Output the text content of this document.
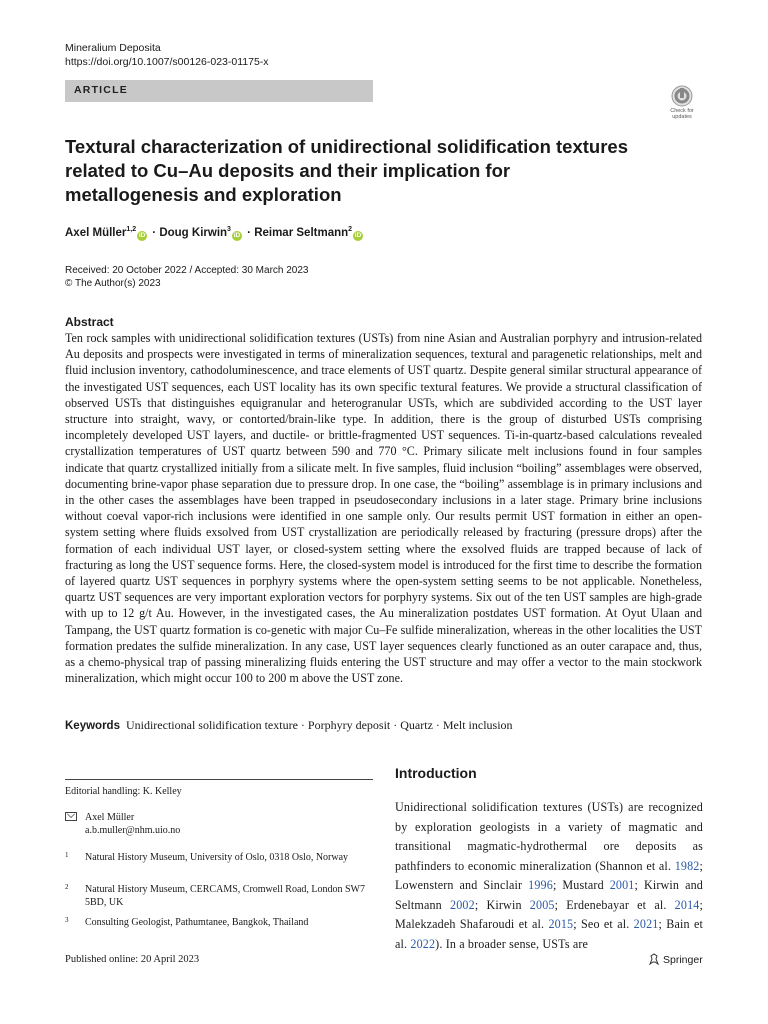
Mineralium Deposita
https://doi.org/10.1007/s00126-023-01175-x
ARTICLE
Check for updates
Textural characterization of unidirectional solidification textures related to Cu–Au deposits and their implication for metallogenesis and exploration
Axel Müller$^{1,2}$iD · Doug Kirwin$^3$iD · Reimar Seltmann$^2$iD
Received: 20 October 2022 / Accepted: 30 March 2023
© The Author(s) 2023
Abstract
Ten rock samples with unidirectional solidification textures (USTs) from nine Asian and Australian porphyry and intrusion-related Au deposits and prospects were investigated in terms of mineralization sequences, textural and paragenetic relationships, melt and fluid inclusion inventory, cathodoluminescence, and trace elements of UST quartz. Despite general similar structural appearance of the investigated UST sequences, each UST locality has its own specific textural features. We provide a structural classification of observed USTs that distinguishes equigranular and heterogranular USTs, which are subdivided according to the UST layer structure into straight, wavy, or contorted/brain-like type. In addition, there is the group of disturbed USTs comprising incompletely developed UST layers, and ductile- or brittle-fragmented UST sequences. Ti-in-quartz-based calculations revealed crystallization temperatures of UST quartz between 590 and 770 °C. Primary silicate melt inclusions found in four samples indicate that quartz crystallized initially from a silicate melt. In five samples, fluid inclusion “boiling” assemblages were observed, documenting brine-vapor phase separation due to pressure drop. In one case, the “boiling” assemblage is in primary inclusions and in the other cases the assemblages have been trapped in pseudosecondary inclusions in a later stage. Primary brine inclusions without coeval vapor-rich inclusions were identified in one sample only. Our results permit UST formation in either an open-system setting where fluids exsolved from UST crystallization are periodically released by fracturing (pressure drops) after the formation of each individual UST layer, or closed-system setting where the exsolved fluids are trapped because of lack of fracturing as long the UST sequence forms. Here, the closed-system model is introduced for the first time to describe the formation of layered quartz UST sequences in porphyry systems where the open-system setting seems to be not applicable. Nonetheless, quartz UST sequences are very important exploration vectors for porphyry systems. Six out of the ten UST samples are high-grade with up to 12 g/t Au. However, in the investigated cases, the Au mineralization postdates UST formation. At Oyut Ulaan and Tampang, the UST quartz formation is co-genetic with major Cu–Fe sulfide mineralization, whereas in the other localities the UST formation predates the sulfide mineralization. In any case, UST layer sequences clearly functioned as an outer carapace and, thus, as a chemo-physical trap of passing mineralizing fluids entering the UST structure and may offer a vector to the main stockwork mineralization, which might occur 100 to 200 m above the UST zone.
Keywords Unidirectional solidification texture · Porphyry deposit · Quartz · Melt inclusion
Editorial handling: K. Kelley
Axel Müller
a.b.muller@nhm.uio.no
1 Natural History Museum, University of Oslo, 0318 Oslo, Norway
2 Natural History Museum, CERCAMS, Cromwell Road, London SW7 5BD, UK
3 Consulting Geologist, Pathumtanee, Bangkok, Thailand
Introduction
Unidirectional solidification textures (USTs) are recognized by exploration geologists in a variety of magmatic and transitional magmatic-hydrothermal ore deposits as pathfinders to economic mineralization (Shannon et al. 1982; Lowenstern and Sinclair 1996; Mustard 2001; Kirwin and Seltmann 2002; Kirwin 2005; Erdenebayar et al. 2014; Malekzadeh Shafaroudi et al. 2015; Seo et al. 2021; Bain et al. 2022). In a broader sense, USTs are
Published online: 20 April 2023	Springer
